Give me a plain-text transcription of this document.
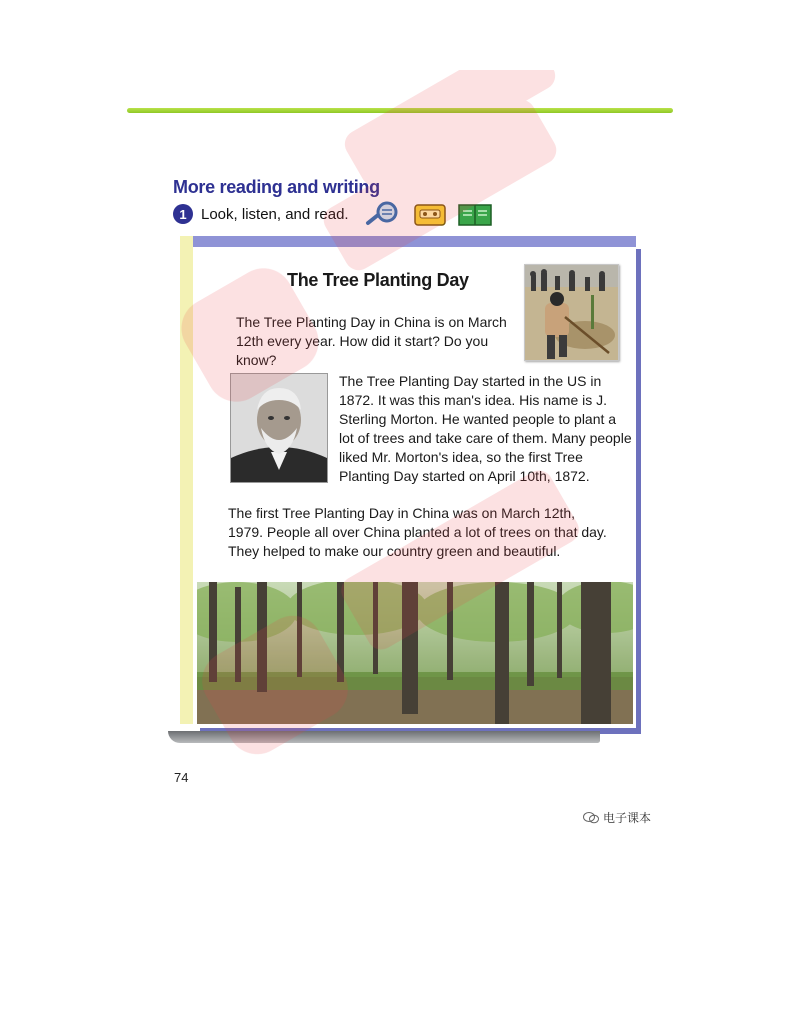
More reading and writing
1 Look, listen, and read.
The Tree Planting Day

The Tree Planting Day in China is on March 12th every year. How did it start? Do you know?

The Tree Planting Day started in the US in 1872. It was this man's idea. His name is J. Sterling Morton. He wanted people to plant a lot of trees and take care of them. Many people liked Mr. Morton's idea, so the first Tree Planting Day started on April 10th, 1872.

The first Tree Planting Day in China was on March 12th, 1979. People all over China planted a lot of trees on that day. They helped to make our country green and beautiful.

74
电子课本
